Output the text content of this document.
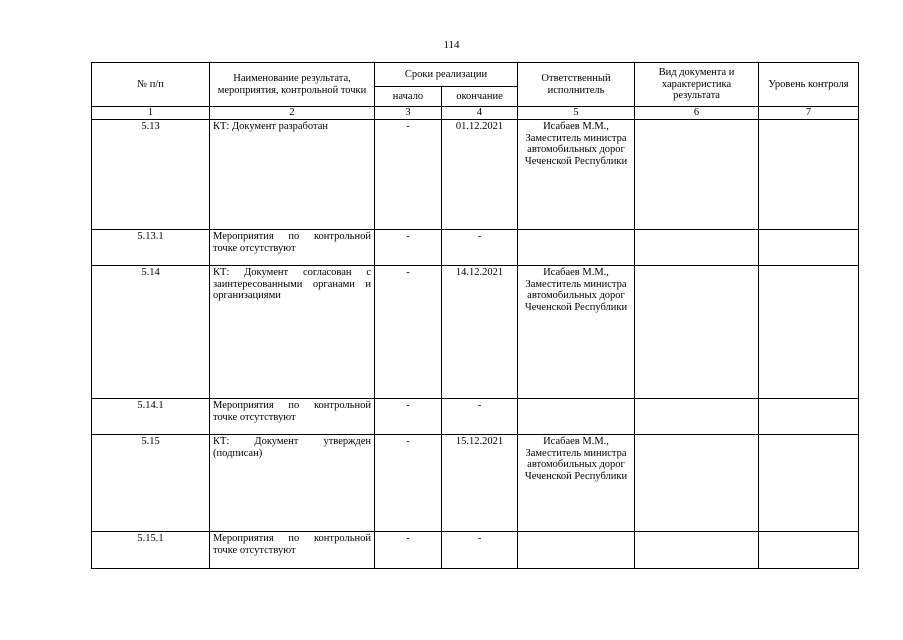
114
№ п/п	Наименование результата, мероприятия, контрольной точки	Сроки реализации		Ответственный исполнитель	Вид документа и характеристика результата	Уровень контроля
		начало	окончание			
1	2	3	4	5	6	7
5.13	КТ: Документ разработан	-	01.12.2021	Исабаев М.М., Заместитель министра автомобильных дорог Чеченской Республики		
5.13.1	Мероприятия по контрольной точке отсутствуют	-	-			
5.14	КТ: Документ согласован с заинтересованными органами и организациями	-	14.12.2021	Исабаев М.М., Заместитель министра автомобильных дорог Чеченской Республики		
5.14.1	Мероприятия по контрольной точке отсутствуют	-	-			
5.15	КТ: Документ утвержден (подписан)	-	15.12.2021	Исабаев М.М., Заместитель министра автомобильных дорог Чеченской Республики		
5.15.1	Мероприятия по контрольной точке отсутствуют	-	-			
